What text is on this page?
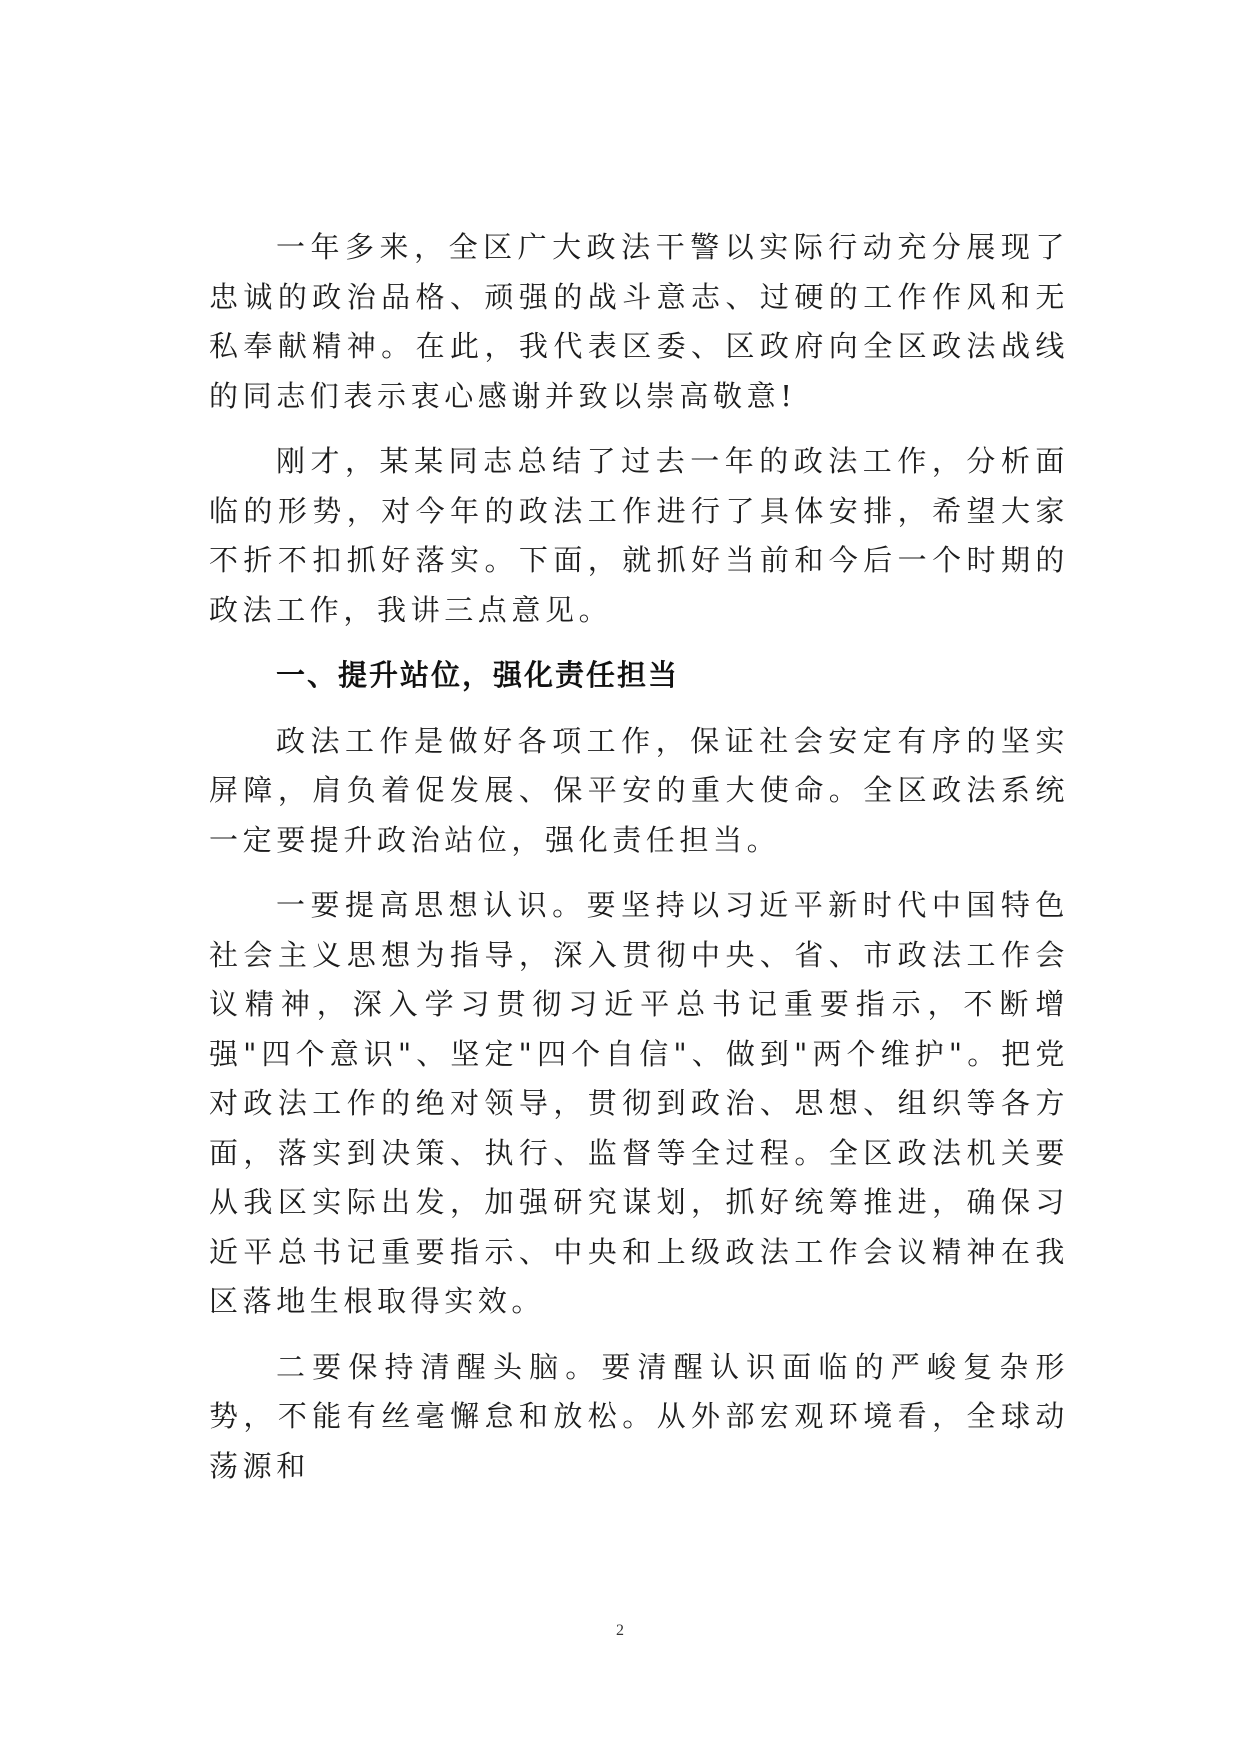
一年多来，全区广大政法干警以实际行动充分展现了忠诚的政治品格、顽强的战斗意志、过硬的工作作风和无私奉献精神。在此，我代表区委、区政府向全区政法战线的同志们表示衷心感谢并致以崇高敬意!

刚才，某某同志总结了过去一年的政法工作，分析面临的形势，对今年的政法工作进行了具体安排，希望大家不折不扣抓好落实。下面，就抓好当前和今后一个时期的政法工作，我讲三点意见。

一、提升站位，强化责任担当

政法工作是做好各项工作，保证社会安定有序的坚实屏障，肩负着促发展、保平安的重大使命。全区政法系统一定要提升政治站位，强化责任担当。

一要提高思想认识。要坚持以习近平新时代中国特色社会主义思想为指导，深入贯彻中央、省、市政法工作会议精神，深入学习贯彻习近平总书记重要指示，不断增强"四个意识"、坚定"四个自信"、做到"两个维护"。把党对政法工作的绝对领导，贯彻到政治、思想、组织等各方面，落实到决策、执行、监督等全过程。全区政法机关要从我区实际出发，加强研究谋划，抓好统筹推进，确保习近平总书记重要指示、中央和上级政法工作会议精神在我区落地生根取得实效。

二要保持清醒头脑。要清醒认识面临的严峻复杂形势，不能有丝毫懈怠和放松。从外部宏观环境看，全球动荡源和

2
